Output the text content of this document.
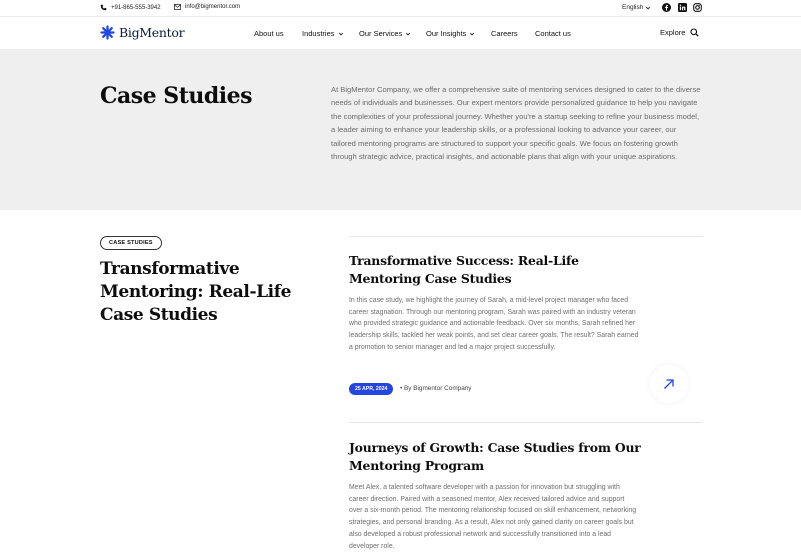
+91-865-555-3942	info@bigmentor.com	English
BigMentor	About us Industries	Our Services	Our Insights	Careers Contact us	Explore
Case Studies	At BigMentor Company, we offer a comprehensive suite of mentoring services designed to cater to the diverse needs of individuals and businesses. Our expert mentors provide personalized guidance to help you navigate the complexities of your professional journey. Whether you're a startup seeking to refine your business model, a leader aiming to enhance your leadership skills, or a professional looking to advance your career, our tailored mentoring programs are structured to support your specific goals. We focus on fostering growth through strategic advice, practical insights, and actionable plans that align with your unique aspirations.

CASE STUDIES
Transformative Mentoring: Real-Life Case Studies
Transformative Success: Real-Life Mentoring Case Studies

In this case study, we highlight the journey of Sarah, a mid-level project manager who faced career stagnation. Through our mentoring program, Sarah was paired with an industry veteran who provided strategic guidance and actionable feedback. Over six months, Sarah refined her leadership skills, tackled her weak points, and set clear career goals. The result? Sarah earned a promotion to senior manager and led a major project successfully.

25 APR, 2024	• By Bigmentor Company
Journeys of Growth: Case Studies from Our Mentoring Program

Meet Alex, a talented software developer with a passion for innovation but struggling with career direction. Paired with a seasoned mentor, Alex received tailored advice and support over a six-month period. The mentoring relationship focused on skill enhancement, networking strategies, and personal branding. As a result, Alex not only gained clarity on career goals but also developed a robust professional network and successfully transitioned into a lead developer role.
